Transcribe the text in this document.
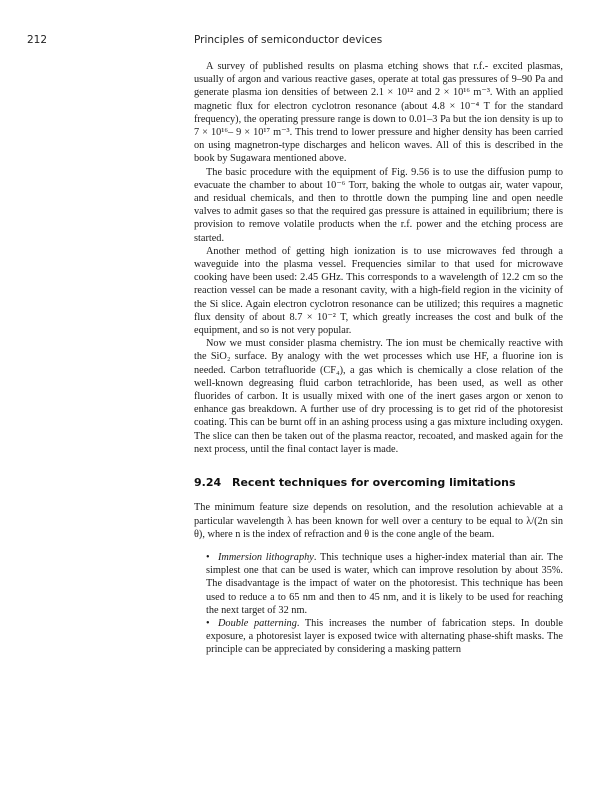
212	Principles of semiconductor devices

A survey of published results on plasma etching shows that r.f.- excited plasmas, usually of argon and various reactive gases, operate at total gas pressures of 9–90 Pa and generate plasma ion densities of between 2.1 × 10¹² and 2 × 10¹⁶ m⁻³. With an applied magnetic flux for electron cyclotron resonance (about 4.8 × 10⁻⁴ T for the standard frequency), the operating pressure range is down to 0.01–3 Pa but the ion density is up to 7 × 10¹⁶– 9 × 10¹⁷ m⁻³. This trend to lower pressure and higher density has been carried on using magnetron-type discharges and helicon waves. All of this is described in the book by Sugawara mentioned above.

The basic procedure with the equipment of Fig. 9.56 is to use the diffusion pump to evacuate the chamber to about 10⁻⁶ Torr, baking the whole to outgas air, water vapour, and residual chemicals, and then to throttle down the pumping line and open needle valves to admit gases so that the required gas pressure is attained in equilibrium; there is provision to remove volatile products when the r.f. power and the etching process are started.

Another method of getting high ionization is to use microwaves fed through a waveguide into the plasma vessel. Frequencies similar to that used for microwave cooking have been used: 2.45 GHz. This corresponds to a wavelength of 12.2 cm so the reaction vessel can be made a resonant cavity, with a high-field region in the vicinity of the Si slice. Again electron cyclotron resonance can be utilized; this requires a magnetic flux density of about 8.7 × 10⁻² T, which greatly increases the cost and bulk of the equipment, and so is not very popular.

Now we must consider plasma chemistry. The ion must be chemically reactive with the SiO₂ surface. By analogy with the wet processes which use HF, a fluorine ion is needed. Carbon tetrafluoride (CF₄), a gas which is chemically a close relation of the well-known degreasing fluid carbon tetrachloride, has been used, as well as other fluorides of carbon. It is usually mixed with one of the inert gases argon or xenon to enhance gas breakdown. A further use of dry processing is to get rid of the photoresist coating. This can be burnt off in an ashing process using a gas mixture including oxygen. The slice can then be taken out of the plasma reactor, recoated, and masked again for the next process, until the final contact layer is made.

9.24 Recent techniques for overcoming limitations

The minimum feature size depends on resolution, and the resolution achievable at a particular wavelength λ has been known for well over a century to be equal to λ/(2n sin θ), where n is the index of refraction and θ is the cone angle of the beam.

• Immersion lithography. This technique uses a higher-index material than air. The simplest one that can be used is water, which can improve resolution by about 35%. The disadvantage is the impact of water on the photoresist. This technique has been used to reduce a to 65 nm and then to 45 nm, and it is likely to be used for reaching the next target of 32 nm.

• Double patterning. This increases the number of fabrication steps. In double exposure, a photoresist layer is exposed twice with alternating phase-shift masks. The principle can be appreciated by considering a masking pattern
